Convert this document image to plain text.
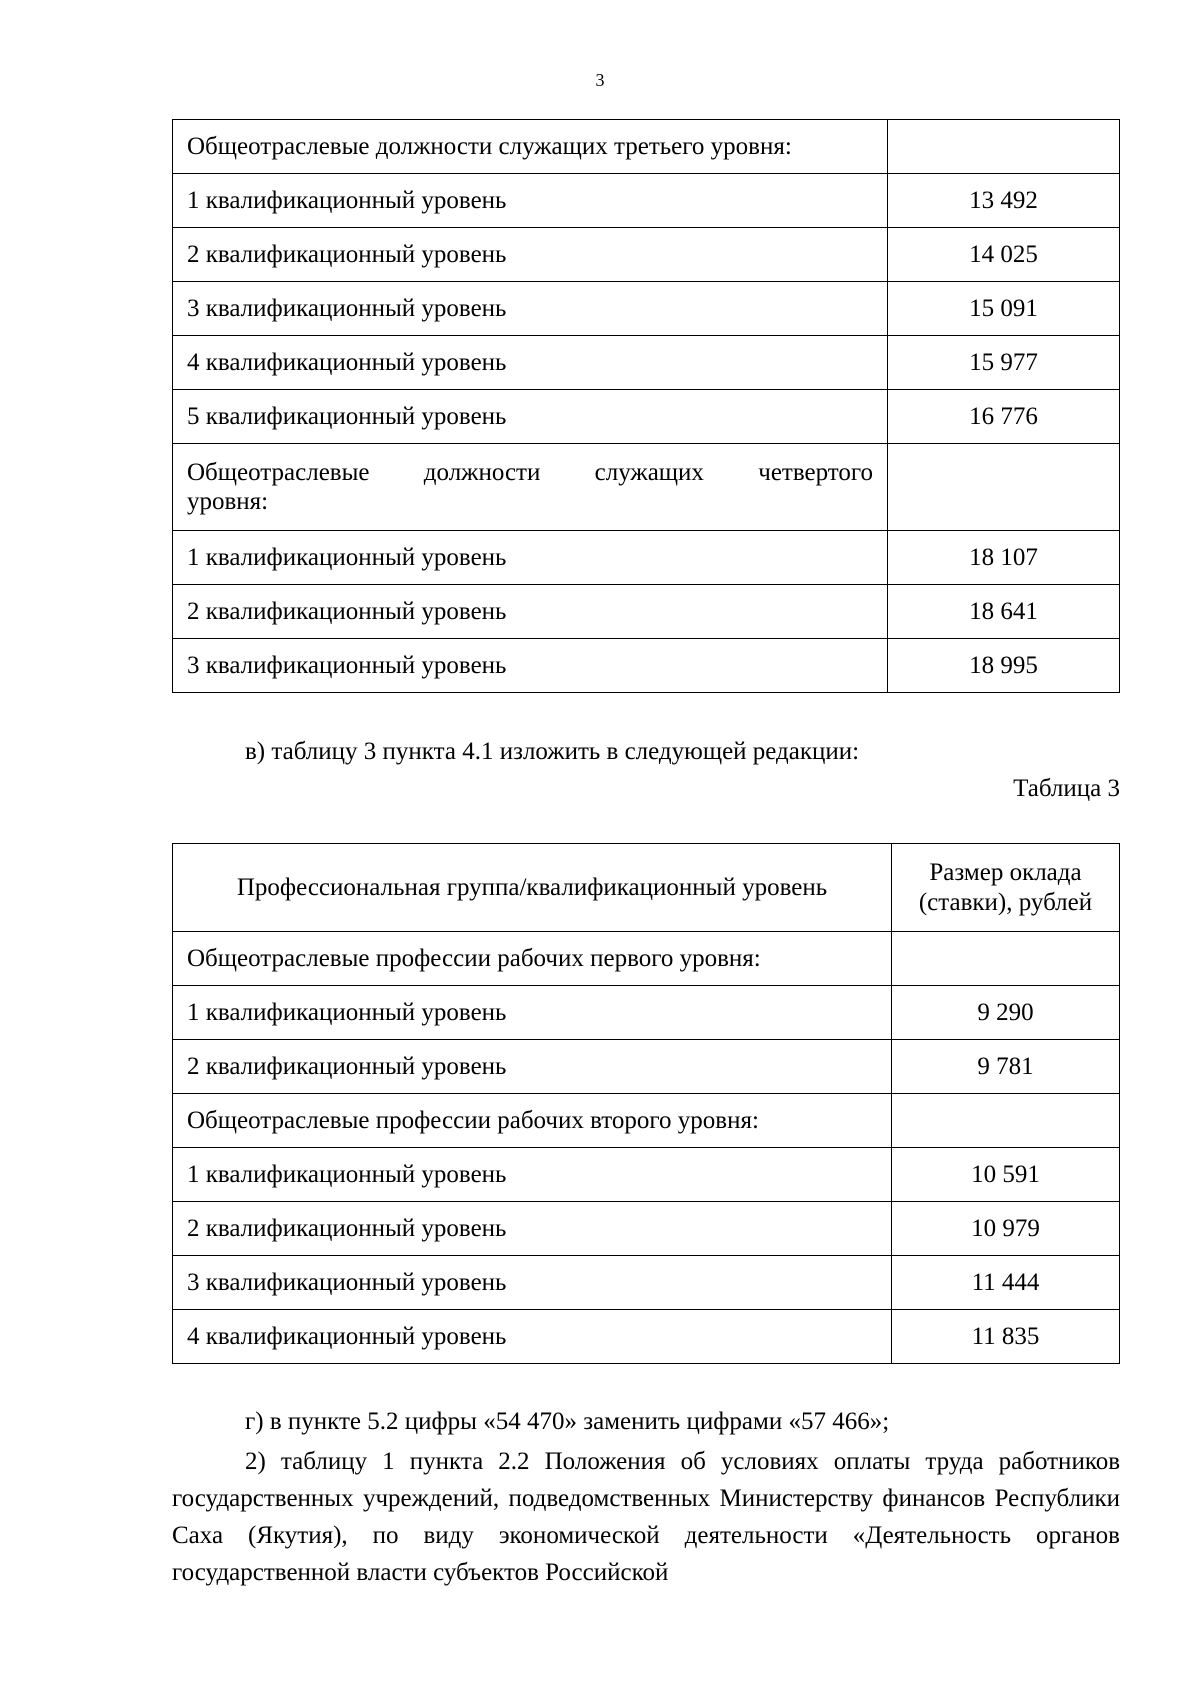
3
Общеотраслевые должности служащих третьего уровня:	
1 квалификационный уровень	13 492
2 квалификационный уровень	14 025
3 квалификационный уровень	15 091
4 квалификационный уровень	15 977
5 квалификационный уровень	16 776
Общеотраслевые должности служащих четвертого
уровня:	

1 квалификационный уровень	18 107
2 квалификационный уровень	18 641
3 квалификационный уровень	18 995
в) таблицу 3 пункта 4.1 изложить в следующей редакции:
Таблица 3
Профессиональная группа/квалификационный уровень	Размер оклада
(ставки), рублей
Общеотраслевые профессии рабочих первого уровня:	
1 квалификационный уровень	9 290
2 квалификационный уровень	9 781
Общеотраслевые профессии рабочих второго уровня:	
1 квалификационный уровень	10 591
2 квалификационный уровень	10 979
3 квалификационный уровень	11 444
4 квалификационный уровень	11 835
г) в пункте 5.2 цифры «54 470» заменить цифрами «57 466»;
2) таблицу 1 пункта 2.2 Положения об условиях оплаты труда работников государственных учреждений, подведомственных Министерству финансов Республики Саха (Якутия), по виду экономической деятельности «Деятельность органов государственной власти субъектов Российской
